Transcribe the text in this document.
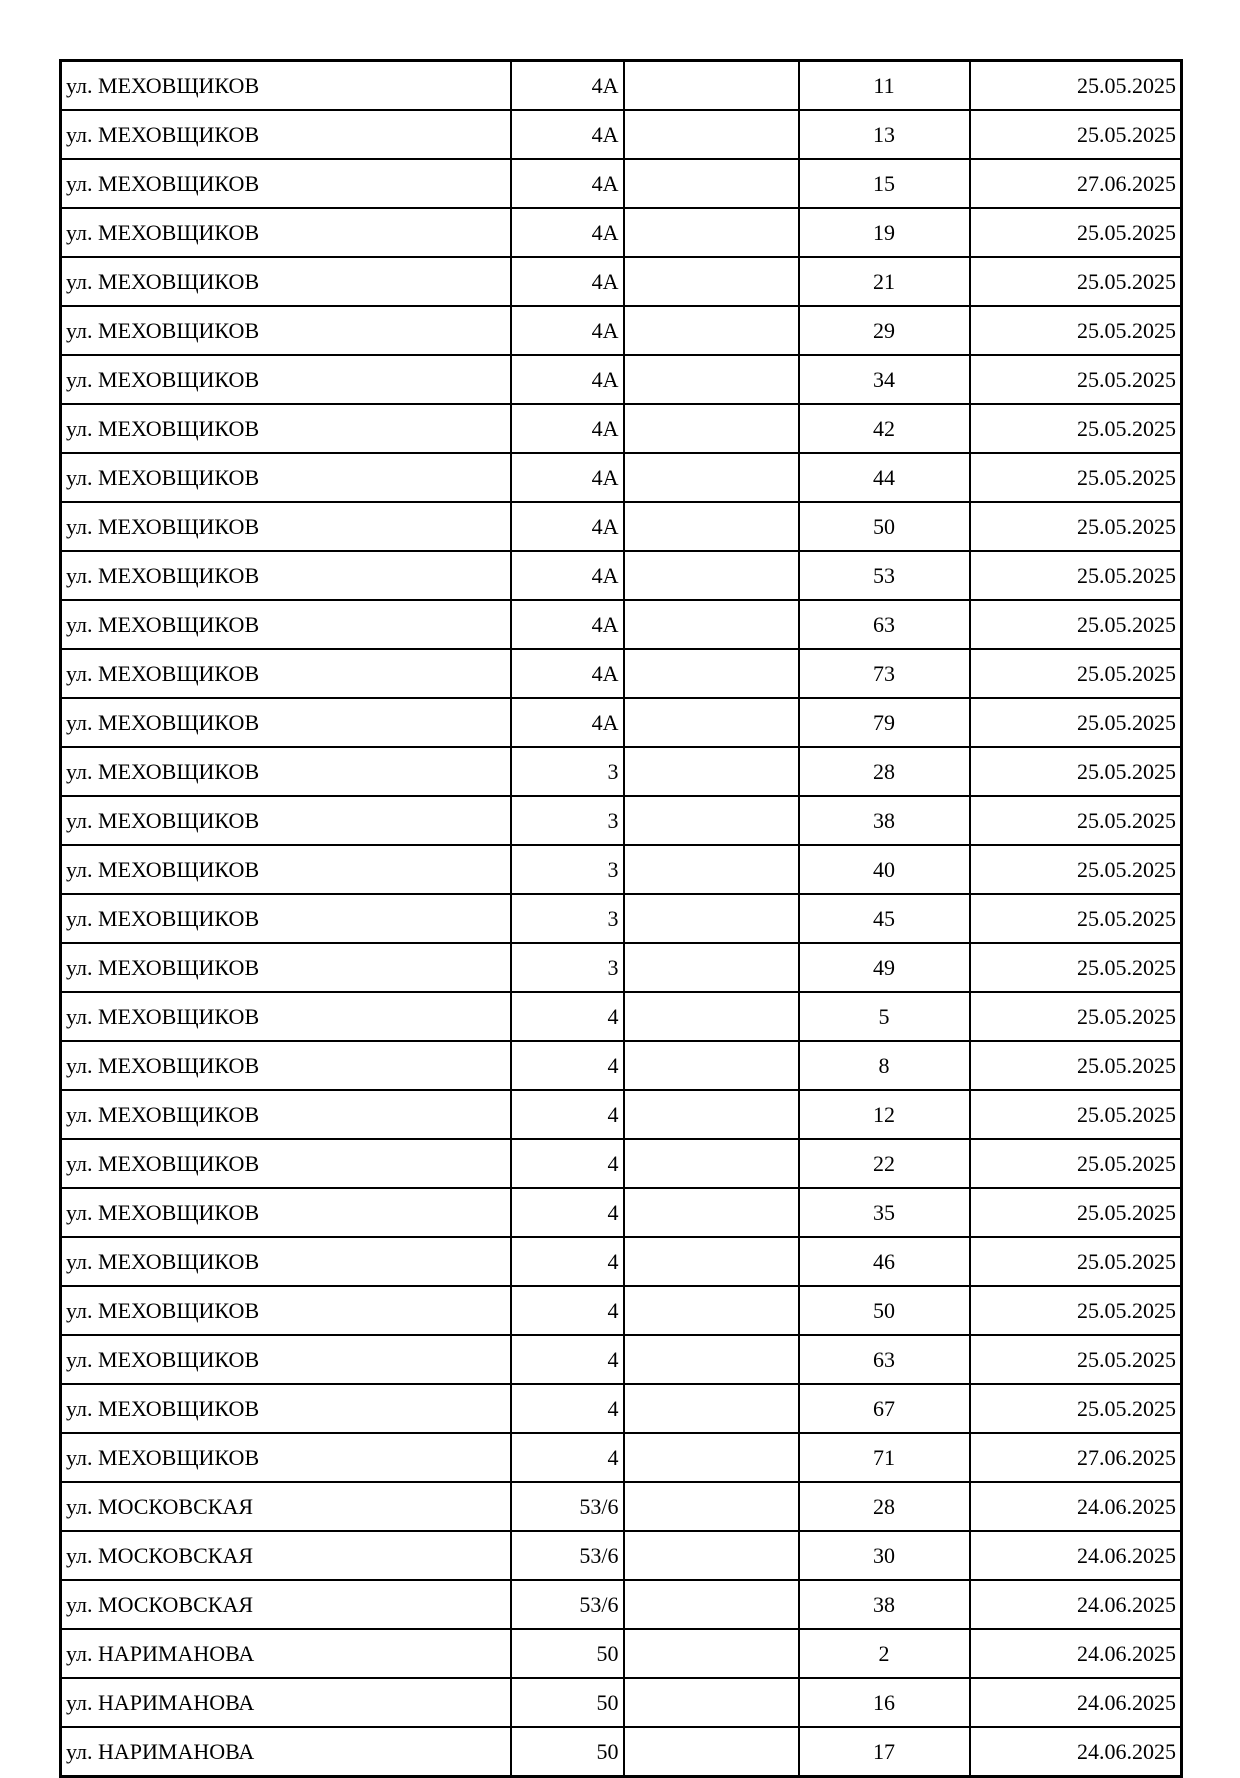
ул. МЕХОВЩИКОВ	4А		11	25.05.2025
ул. МЕХОВЩИКОВ	4А		13	25.05.2025
ул. МЕХОВЩИКОВ	4А		15	27.06.2025
ул. МЕХОВЩИКОВ	4А		19	25.05.2025
ул. МЕХОВЩИКОВ	4А		21	25.05.2025
ул. МЕХОВЩИКОВ	4А		29	25.05.2025
ул. МЕХОВЩИКОВ	4А		34	25.05.2025
ул. МЕХОВЩИКОВ	4А		42	25.05.2025
ул. МЕХОВЩИКОВ	4А		44	25.05.2025
ул. МЕХОВЩИКОВ	4А		50	25.05.2025
ул. МЕХОВЩИКОВ	4А		53	25.05.2025
ул. МЕХОВЩИКОВ	4А		63	25.05.2025
ул. МЕХОВЩИКОВ	4А		73	25.05.2025
ул. МЕХОВЩИКОВ	4А		79	25.05.2025
ул. МЕХОВЩИКОВ	3		28	25.05.2025
ул. МЕХОВЩИКОВ	3		38	25.05.2025
ул. МЕХОВЩИКОВ	3		40	25.05.2025
ул. МЕХОВЩИКОВ	3		45	25.05.2025
ул. МЕХОВЩИКОВ	3		49	25.05.2025
ул. МЕХОВЩИКОВ	4		5	25.05.2025
ул. МЕХОВЩИКОВ	4		8	25.05.2025
ул. МЕХОВЩИКОВ	4		12	25.05.2025
ул. МЕХОВЩИКОВ	4		22	25.05.2025
ул. МЕХОВЩИКОВ	4		35	25.05.2025
ул. МЕХОВЩИКОВ	4		46	25.05.2025
ул. МЕХОВЩИКОВ	4		50	25.05.2025
ул. МЕХОВЩИКОВ	4		63	25.05.2025
ул. МЕХОВЩИКОВ	4		67	25.05.2025
ул. МЕХОВЩИКОВ	4		71	27.06.2025
ул. МОСКОВСКАЯ	53/6		28	24.06.2025
ул. МОСКОВСКАЯ	53/6		30	24.06.2025
ул. МОСКОВСКАЯ	53/6		38	24.06.2025
ул. НАРИМАНОВА	50		2	24.06.2025
ул. НАРИМАНОВА	50		16	24.06.2025
ул. НАРИМАНОВА	50		17	24.06.2025
